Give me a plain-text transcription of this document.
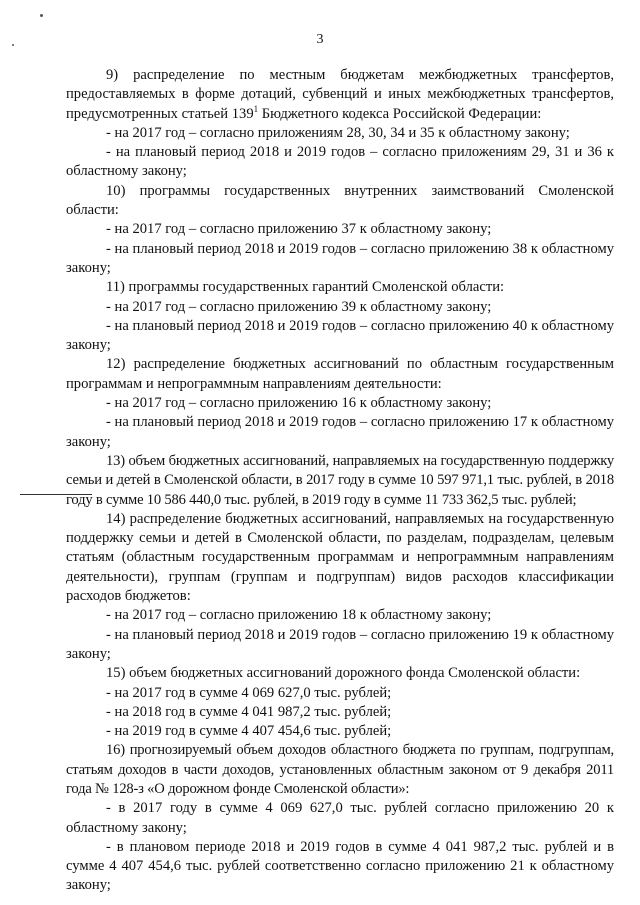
3

9) распределение по местным бюджетам межбюджетных трансфертов, предоставляемых в форме дотаций, субвенций и иных межбюджетных трансфертов, предусмотренных статьей $139^1$ Бюджетного кодекса Российской Федерации:

- на 2017 год – согласно приложениям 28, 30, 34 и 35 к областному закону;

- на плановый период 2018 и 2019 годов – согласно приложениям 29, 31 и 36 к областному закону;

10) программы государственных внутренних заимствований Смоленской области:

- на 2017 год – согласно приложению 37 к областному закону;

- на плановый период 2018 и 2019 годов – согласно приложению 38 к областному закону;

11) программы государственных гарантий Смоленской области:

- на 2017 год – согласно приложению 39 к областному закону;

- на плановый период 2018 и 2019 годов – согласно приложению 40 к областному закону;

12) распределение бюджетных ассигнований по областным государственным программам и непрограммным направлениям деятельности:

- на 2017 год – согласно приложению 16 к областному закону;

- на плановый период 2018 и 2019 годов – согласно приложению 17 к областному закону;

13) объем бюджетных ассигнований, направляемых на государственную поддержку семьи и детей в Смоленской области, в 2017 году в сумме 10 597 971,1 тыс. рублей, в 2018 году в сумме 10 586 440,0 тыс. рублей, в 2019 году в сумме 11 733 362,5 тыс. рублей;

14) распределение бюджетных ассигнований, направляемых на государственную поддержку семьи и детей в Смоленской области, по разделам, подразделам, целевым статьям (областным государственным программам и непрограммным направлениям деятельности), группам (группам и подгруппам) видов расходов классификации расходов бюджетов:

- на 2017 год – согласно приложению 18 к областному закону;

- на плановый период 2018 и 2019 годов – согласно приложению 19 к областному закону;

15) объем бюджетных ассигнований дорожного фонда Смоленской области:

- на 2017 год в сумме 4 069 627,0 тыс. рублей;

- на 2018 год в сумме 4 041 987,2 тыс. рублей;

- на 2019 год в сумме 4 407 454,6 тыс. рублей;

16) прогнозируемый объем доходов областного бюджета по группам, подгруппам, статьям доходов в части доходов, установленных областным законом от 9 декабря 2011 года № 128-з «О дорожном фонде Смоленской области»:

- в 2017 году в сумме 4 069 627,0 тыс. рублей согласно приложению 20 к областному закону;

- в плановом периоде 2018 и 2019 годов в сумме 4 041 987,2 тыс. рублей и в сумме 4 407 454,6 тыс. рублей соответственно согласно приложению 21 к областному закону;
